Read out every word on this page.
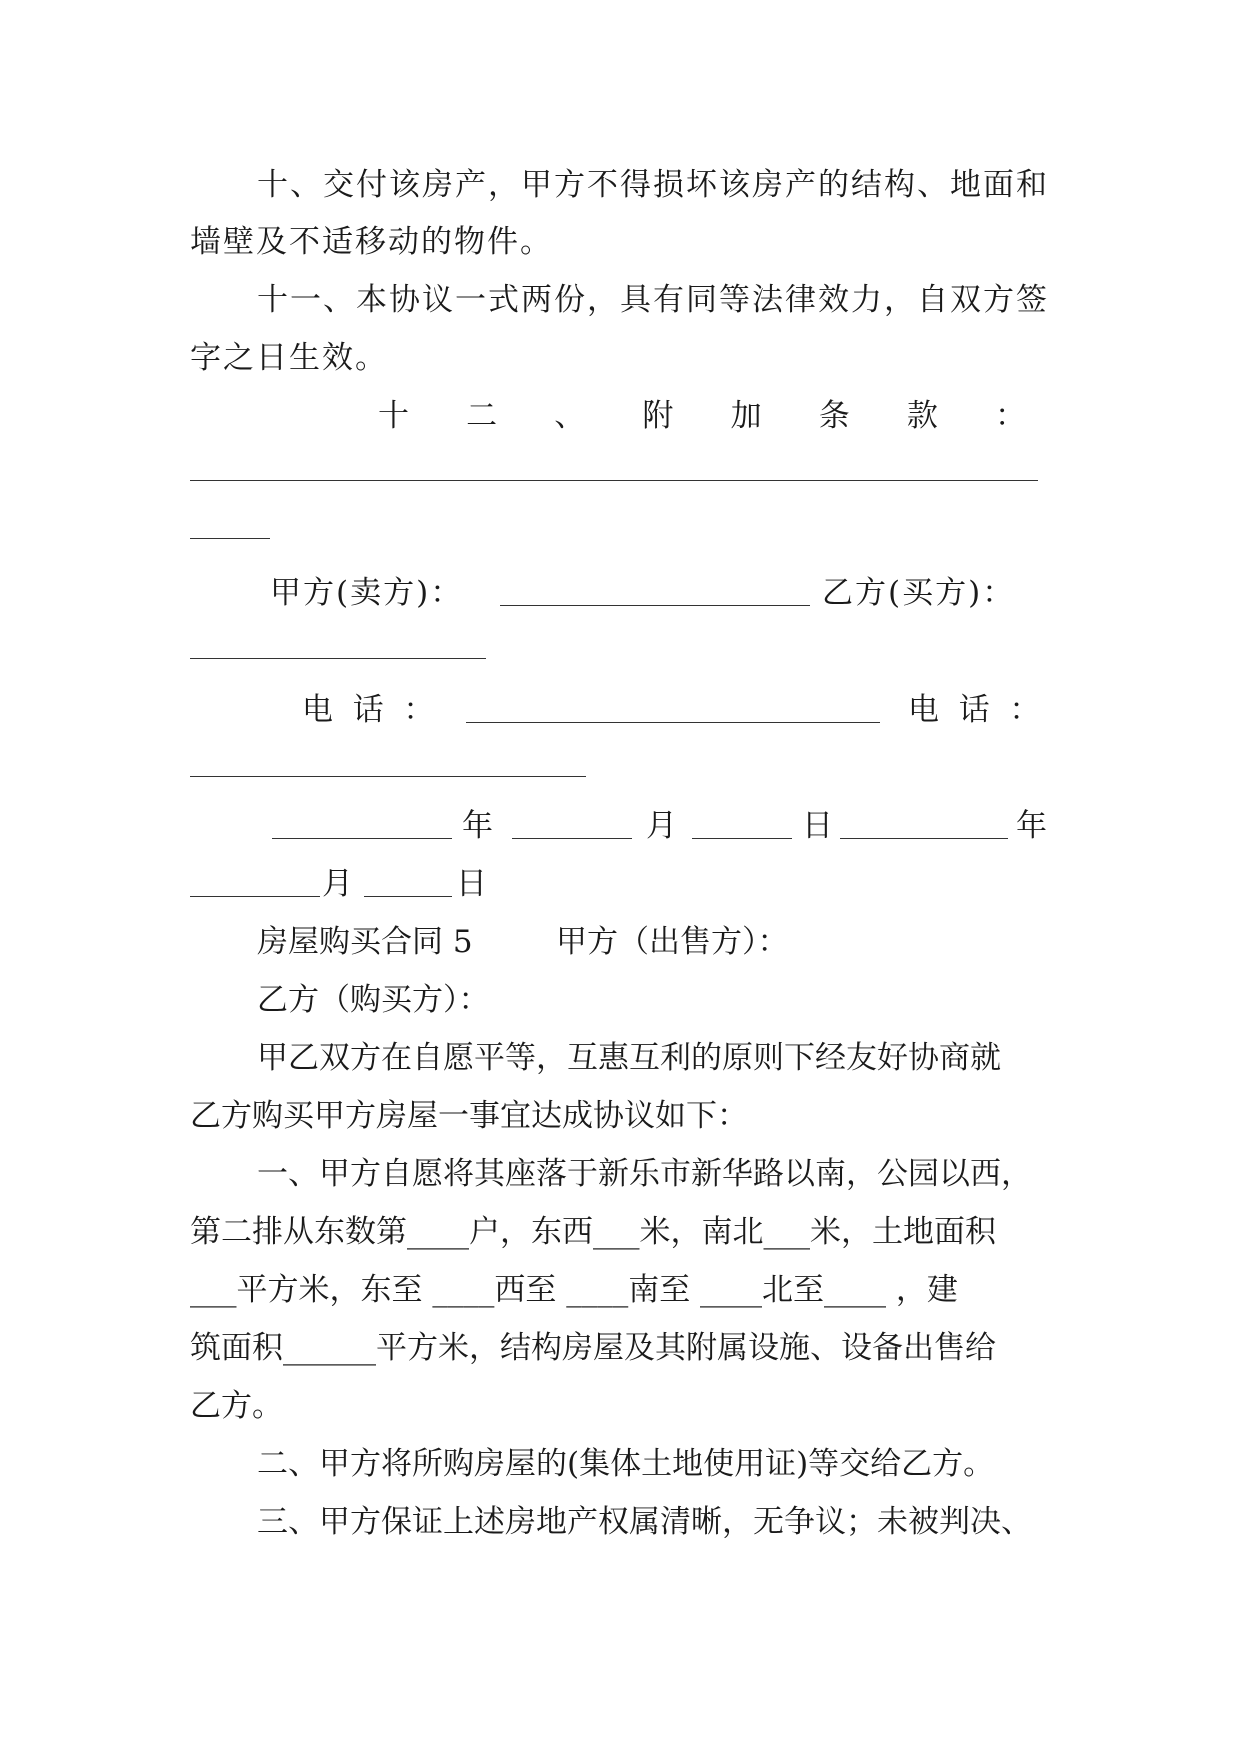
十、交付该房产，甲方不得损坏该房产的结构、地面和
墙壁及不适移动的物件。
十一、本协议一式两份，具有同等法律效力，自双方签
字之日生效。
十 二 、 附 加 条 款 ：
甲方(卖方)：	乙方(买方)：
电  话  ：	电  话  ：
年	月	日	年
月	日
房屋购买合同 5	甲方（出售方）：
乙方（购买方）：
甲乙双方在自愿平等，互惠互利的原则下经友好协商就
乙方购买甲方房屋一事宜达成协议如下：
一、甲方自愿将其座落于新乐市新华路以南，公园以西，
第二排从东数第____户，东西___米，南北___米，土地面积
___平方米，东至 ____西至 ____南至 ____北至____ ，建
筑面积______平方米，结构房屋及其附属设施、设备出售给
乙方。
二、甲方将所购房屋的(集体土地使用证)等交给乙方。
三、甲方保证上述房地产权属清晰，无争议；未被判决、
